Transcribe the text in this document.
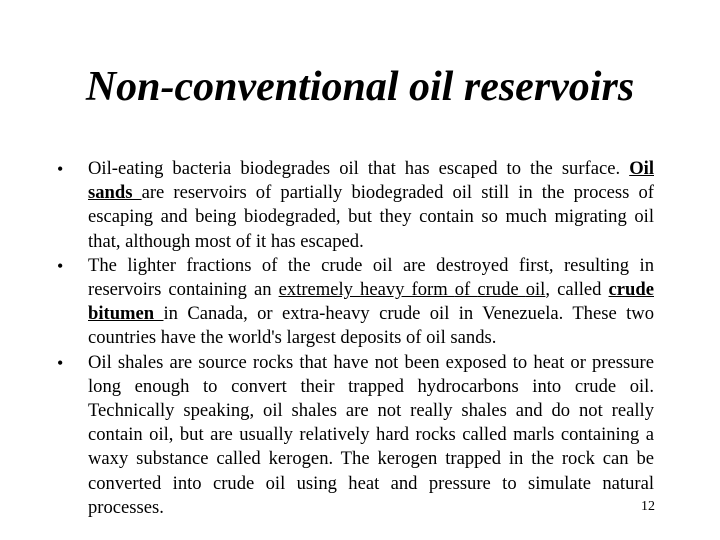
Non-conventional oil reservoirs
• Oil-eating bacteria biodegrades oil that has escaped to the surface. Oil sands are reservoirs of partially biodegraded oil still in the process of escaping and being biodegraded, but they contain so much migrating oil that, although most of it has escaped.
• The lighter fractions of the crude oil are destroyed first, resulting in reservoirs containing an extremely heavy form of crude oil, called crude bitumen in Canada, or extra-heavy crude oil in Venezuela. These two countries have the world's largest deposits of oil sands.
• Oil shales are source rocks that have not been exposed to heat or pressure long enough to convert their trapped hydrocarbons into crude oil. Technically speaking, oil shales are not really shales and do not really contain oil, but are usually relatively hard rocks called marls containing a waxy substance called kerogen. The kerogen trapped in the rock can be converted into crude oil using heat and pressure to simulate natural processes.	12
